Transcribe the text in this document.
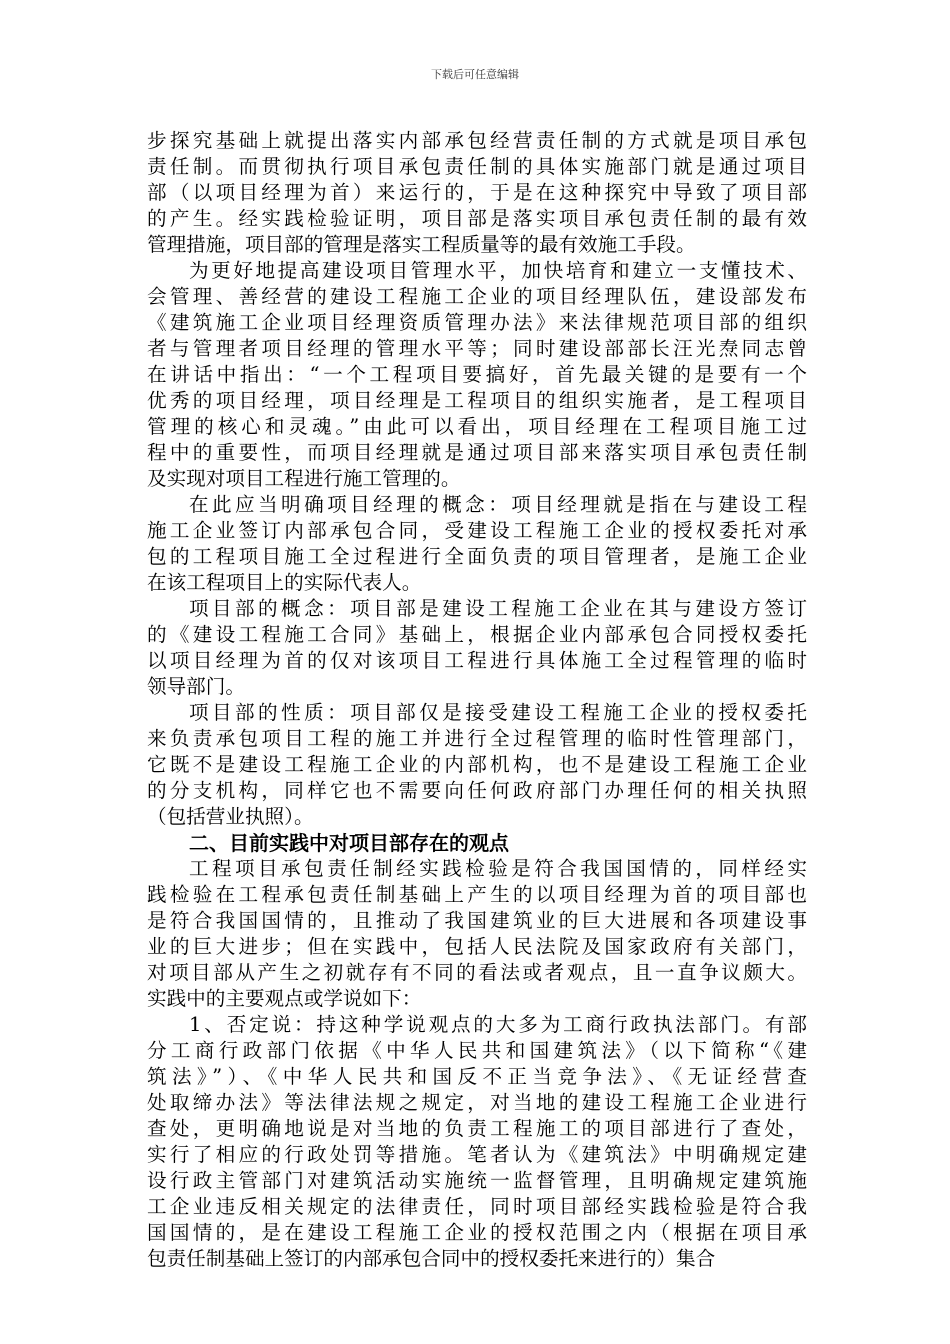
下载后可任意编辑
步探究基础上就提出落实内部承包经营责任制的方式就是项目承包
责任制。而贯彻执行项目承包责任制的具体实施部门就是通过项目
部（以项目经理为首）来运行的，于是在这种探究中导致了项目部
的产生。经实践检验证明，项目部是落实项目承包责任制的最有效
管理措施，项目部的管理是落实工程质量等的最有效施工手段。
为更好地提高建设项目管理水平，加快培育和建立一支懂技术、
会管理、善经营的建设工程施工企业的项目经理队伍，建设部发布
《建筑施工企业项目经理资质管理办法》来法律规范项目部的组织
者与管理者项目经理的管理水平等；同时建设部部长汪光焘同志曾
在讲话中指出：“一个工程项目要搞好，首先最关键的是要有一个
优秀的项目经理，项目经理是工程项目的组织实施者，是工程项目
管理的核心和灵魂。”由此可以看出，项目经理在工程项目施工过
程中的重要性，而项目经理就是通过项目部来落实项目承包责任制
及实现对项目工程进行施工管理的。
在此应当明确项目经理的概念：项目经理就是指在与建设工程
施工企业签订内部承包合同，受建设工程施工企业的授权委托对承
包的工程项目施工全过程进行全面负责的项目管理者，是施工企业
在该工程项目上的实际代表人。
项目部的概念：项目部是建设工程施工企业在其与建设方签订
的《建设工程施工合同》基础上，根据企业内部承包合同授权委托
以项目经理为首的仅对该项目工程进行具体施工全过程管理的临时
领导部门。
项目部的性质：项目部仅是接受建设工程施工企业的授权委托
来负责承包项目工程的施工并进行全过程管理的临时性管理部门，
它既不是建设工程施工企业的内部机构，也不是建设工程施工企业
的分支机构，同样它也不需要向任何政府部门办理任何的相关执照
（包括营业执照）。
二、目前实践中对项目部存在的观点
工程项目承包责任制经实践检验是符合我国国情的，同样经实
践检验在工程承包责任制基础上产生的以项目经理为首的项目部也
是符合我国国情的，且推动了我国建筑业的巨大进展和各项建设事
业的巨大进步；但在实践中，包括人民法院及国家政府有关部门，
对项目部从产生之初就存有不同的看法或者观点，且一直争议颇大。
实践中的主要观点或学说如下：
1、否定说：持这种学说观点的大多为工商行政执法部门。有部
分工商行政部门依据《中华人民共和国建筑法》（以下简称“《建
筑法》”）、《中华人民共和国反不正当竞争法》、《无证经营查
处取缔办法》等法律法规之规定，对当地的建设工程施工企业进行
查处，更明确地说是对当地的负责工程施工的项目部进行了查处，
实行了相应的行政处罚等措施。笔者认为《建筑法》中明确规定建
设行政主管部门对建筑活动实施统一监督管理，且明确规定建筑施
工企业违反相关规定的法律责任，同时项目部经实践检验是符合我
国国情的，是在建设工程施工企业的授权范围之内（根据在项目承
包责任制基础上签订的内部承包合同中的授权委托来进行的）集合
